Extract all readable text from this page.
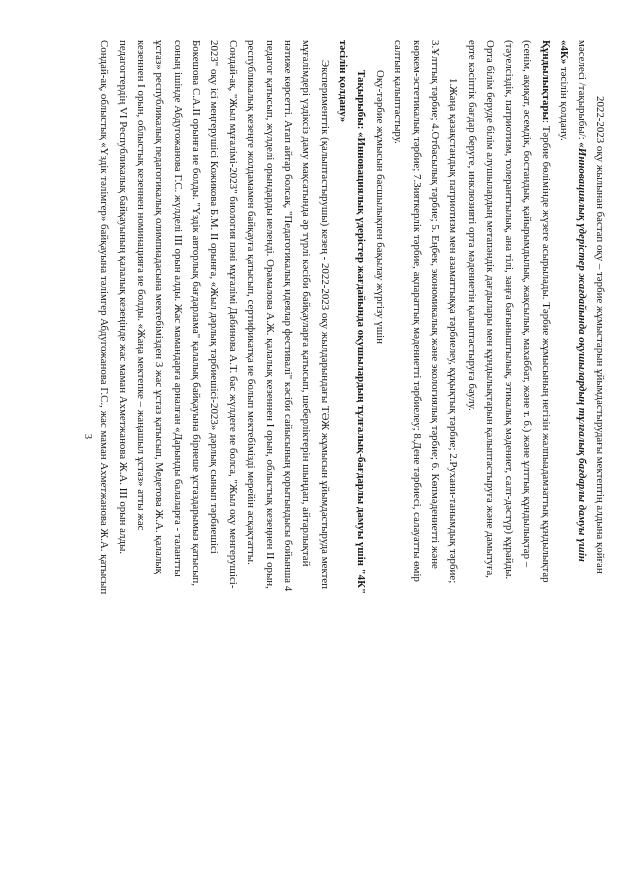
2022-2023 оқу жылынан бастап оқу – тәрбие жұмыстарын ұйымдастырудағы мектептің алдына қойған
мәселесі /тақырыбы/: «Инновациялық үдерістер жағдайында оқушылардың тұлғалық бағдарлы дамуы үшін
«4К» тәсілін қолдану.
Құндылықтары: Тәрбие бөлімінде жүзеге асырылады. Тәрбие жұмысының негізін жалпыадамзаттық құндылықтар
(сенім, ақиқат, әсемдік, бостандық, қайырымдылық, жақсылық, махаббат, және т. б.) және ұлттық құндылықтар –
(тәуелсіздік, патриотизм, толеранттылық, ана тілі, заңға бағыныштылық, этикалық мәдениет, салт-дәстүр) құрайды.
Орта білім беруде білім алушылардың метапәндік дағдылары мен құндылықтарын қалыптастыруға және дамытуға,
ерте кәсіптік бағдар беруге, инклюзивті орта мәдениетін қалыптастыруға баулу.
1.Жаңа қазақстандық патриотизм мен азаматтыққа тәрбиелеу, құқықтық тәрбие; 2.Рухани-танымдық тәрбие;
3.Ұлттық тәрбие; 4.Отбасылық тәрбие; 5. Еңбек, экономикалық және экологиялық тәрбие; 6. Көпмәдениетті және
көркем-эстетикалық тәрбие; 7.Зияткерлік тәрбие, ақпараттық мәдениетті тәрбиелеу; 8.Дене тәрбиесі, салауатты өмір
салтын қалыптастыру.
Оқу-тәрбие жұмысын басшылықпен бақылау жүргізу үшін
Тақырыбы: «Инновациялық үдерістер жағдайында оқушылардың тұлғалық-бағдарлы дамуы үшін "4К"
тәсілін қолдану»
Эксперименттік (қалыптастырушы) кезең - 2022-2023 оқу жылдарындағы ТӘЖ жұмысын ұйымдастыруда мектеп
мұғалімдері үздіксіз даму мақсатында әр түрлі кәсіби байқауларға қатысып, шеберліктерін шыңдап, айтарлықтай
нәтиже көрсетті. Атап айтар болсақ, "Педагогикалық идеялар фестивалі" кәсіби сайысының қорытындысы бойынша 4
педагог қатысып, жүлделі орындарды иеленді. Орамалова А.Ж. қалалық кезеннен I орын, облыстық кезеңнен II орын,
республикалық кезеңге жолдамамен байқауға қатысып, сертификатқа ие болып мектебімізді мерейін асқақтатты.
Сондай-ақ, "Жыл мұғалімі-2023" биология пәні мұғалімі Дабинова А.Т. бас жүлдеге ие болса, "Жыл оқу менгерушісі-
2023" оқу ісі меңгерушісі Кожикова Б.М. II орынға, «Жыл дәрлық тәрбиешісі-2023» дәрлық сынып тәрбиешісі
Бокешова С.А.II орынға ие болды. "Үздік авторлық бағдарлама" қалалық байқауына бірнеше ұстаздарымыз қатысып,
соның ішінде Абдугожанова Г.С. жүлделі III орын алды. Жас мамандарға арналған «Дарынды балаларға - талантты
ұстаз» республикалық педагогикалық олимпиадасына мектебімізден 3 жас ұстаз қатысып, Медетова Ж.А. қалалық
кезеннен I орын, облыстық кезеннен номинацияға ие болды. «Жаңа мектепке – жаңашыл ұстаз» атты жас
педагогтердің VI Республикалық байқауының қалалық кезеңінде жас маман Ахметжанова Ж.А. III орын алды.
Сондай-ақ, облыстық «Үздік тәлімгер» байқауына тәлімгер Абдугожанова Г.С., жас маман Ахметжанова Ж.А. қатысып
3
